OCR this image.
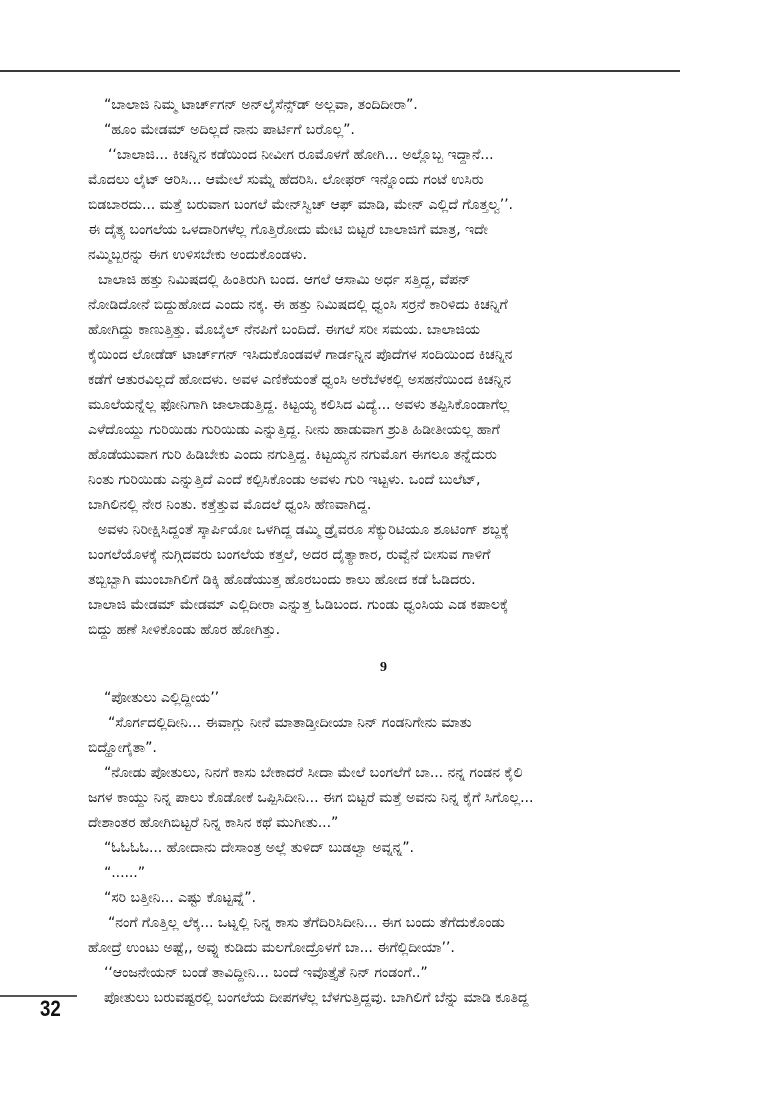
“ಬಾಲಾಜಿ ನಿಮ್ಮ ಟಾರ್ಚ್‌ಗನ್ ಅನ್‌ಲೈಸೆನ್ಸ್‌ಡ್ ಅಲ್ಲವಾ, ತಂದಿದೀರಾ”.
“ಹೂಂ ಮೇಡಮ್ ಅದಿಲ್ಲದೆ ನಾನು ಪಾರ್ಟಿಗೆ ಬರೊಲ್ಲ”.
‘‘ಬಾಲಾಜಿ... ಕಿಚನ್ನಿನ ಕಡೆಯಿಂದ ನೀವೀಗ ರೂಮೊಳಗೆ ಹೋಗಿ... ಅಲ್ಲೊಬ್ಬ ಇದ್ದಾನೆ...
ಮೊದಲು ಲೈಟ್ ಆರಿಸಿ... ಆಮೇಲೆ ಸುಮ್ನೆ ಹೆದರಿಸಿ. ಲೋಫರ್ ಇನ್ನೊಂದು ಗಂಟೆ ಉಸಿರು
ಬಿಡಬಾರದು... ಮತ್ತೆ ಬರುವಾಗ ಬಂಗಲೆ ಮೇನ್‌ಸ್ವಿಚ್ ಆಫ್ ಮಾಡಿ, ಮೇನ್ ಎಲ್ಲಿದೆ ಗೊತ್ತಲ್ವ’’.
ಈ ದೈತ್ಯ ಬಂಗಲೆಯ ಒಳದಾರಿಗಳೆಲ್ಲ ಗೊತ್ತಿರೋದು ಮೇಟಿ ಬಿಟ್ಟರೆ ಬಾಲಾಜಿಗೆ ಮಾತ್ರ, ಇದೇ
ನಮ್ಮಿಬ್ಬರನ್ನು ಈಗ ಉಳಿಸಬೇಕು ಅಂದುಕೊಂಡಳು.
ಬಾಲಾಜಿ ಹತ್ತು ನಿಮಿಷದಲ್ಲಿ ಹಿಂತಿರುಗಿ ಬಂದ. ಆಗಲೆ ಆಸಾಮಿ ಅರ್ಧ ಸತ್ತಿದ್ದ, ವೆಪನ್
ನೋಡಿದೋನೆ ಬಿದ್ದುಹೋದ ಎಂದು ನಕ್ಕ. ಈ ಹತ್ತು ನಿಮಿಷದಲ್ಲಿ ಧ್ವಂಸಿ ಸರ್ರನೆ ಕಾರಿಳಿದು ಕಿಚನ್ನಿಗೆ
ಹೋಗಿದ್ದು ಕಾಣುತ್ತಿತ್ತು. ಮೊಬೈಲ್ ನೆನಪಿಗೆ ಬಂದಿದೆ. ಈಗಲೆ ಸರೀ ಸಮಯ. ಬಾಲಾಜಿಯ
ಕೈಯಿಂದ ಲೋಡೆಡ್ ಟಾರ್ಚ್‌ಗನ್ ಇಸಿದುಕೊಂಡವಳೆ ಗಾರ್ಡನ್ನಿನ ಪೊದೆಗಳ ಸಂದಿಯಿಂದ ಕಿಚನ್ನಿನ
ಕಡೆಗೆ ಆತುರವಿಲ್ಲದೆ ಹೋದಳು. ಅವಳ ಎಣಿಕೆಯಂತೆ ಧ್ವಂಸಿ ಅರೆಬೆಳಕಲ್ಲಿ ಅಸಹನೆಯಿಂದ ಕಿಚನ್ನಿನ
ಮೂಲೆಯನ್ನೆಲ್ಲ ಫೋನಿಗಾಗಿ ಜಾಲಾಡುತ್ತಿದ್ದ. ಕಿಟ್ಟಯ್ಯ ಕಲಿಸಿದ ವಿದ್ಯೆ... ಅವಳು ತಪ್ಪಿಸಿಕೊಂಡಾಗೆಲ್ಲ
ಎಳೆದೊಯ್ದು ಗುರಿಯಿಡು ಗುರಿಯಿಡು ಎನ್ನುತ್ತಿದ್ದ. ನೀನು ಹಾಡುವಾಗ ಶ್ರುತಿ ಹಿಡೀತೀಯಲ್ಲ ಹಾಗೆ
ಹೊಡೆಯುವಾಗ ಗುರಿ ಹಿಡಿಬೇಕು ಎಂದು ನಗುತ್ತಿದ್ದ. ಕಿಟ್ಟಯ್ಯನ ನಗುಮೊಗ ಈಗಲೂ ತನ್ನೆದುರು
ನಿಂತು ಗುರಿಯಿಡು ಎನ್ನುತ್ತಿದೆ ಎಂದೆ ಕಲ್ಪಿಸಿಕೊಂಡು ಅವಳು ಗುರಿ ಇಟ್ಟಳು. ಒಂದೆ ಬುಲೆಟ್,
ಬಾಗಿಲಿನಲ್ಲಿ ನೇರ ನಿಂತು. ಕತ್ತೆತ್ತುವ ಮೊದಲೆ ಧ್ವಂಸಿ ಹೆಣವಾಗಿದ್ದ.
ಅವಳು ನಿರೀಕ್ಷಿಸಿದ್ದಂತೆ ಸ್ಕಾರ್ಪಿಯೋ ಒಳಗಿದ್ದ ಡಮ್ಮಿ ಡ್ರೈವರೂ ಸೆಕ್ಯುರಿಟಿಯೂ ಶೂಟಿಂಗ್ ಶಬ್ದಕ್ಕೆ
ಬಂಗಲೆಯೊಳಕ್ಕೆ ನುಗ್ಗಿದವರು ಬಂಗಲೆಯ ಕತ್ತಲೆ, ಅದರ ದೈತ್ಯಾಕಾರ, ರುವ್ವೆನೆ ಬೀಸುವ ಗಾಳಿಗೆ
ತಬ್ಬಿಬ್ಬಾಗಿ ಮುಂಬಾಗಿಲಿಗೆ ಡಿಕ್ಕಿ ಹೊಡೆಯುತ್ತ ಹೊರಬಂದು ಕಾಲು ಹೋದ ಕಡೆ ಓಡಿದರು.
ಬಾಲಾಜಿ ಮೇಡಮ್ ಮೇಡಮ್ ಎಲ್ಲಿದೀರಾ ಎನ್ನುತ್ತ ಓಡಿಬಂದ. ಗುಂಡು ಧ್ವಂಸಿಯ ಎಡ ಕಪಾಲಕ್ಕೆ
ಬಿದ್ದು ಹಣೆ ಸೀಳಿಕೊಂಡು ಹೊರ ಹೋಗಿತ್ತು.
9
“ಪೋತುಲು ಎಲ್ಲಿದ್ದೀಯ’’
“ಸೊರ್ಗದಲ್ಲಿದೀನಿ... ಈವಾಗ್ಲು ನೀನೆ ಮಾತಾಡ್ತೀದೀಯಾ ನಿನ್ ಗಂಡನಿಗೇನು ಮಾತು
ಬಿದ್ಹೋಗೈತಾ”.
“ನೋಡು ಪೋತುಲು, ನಿನಗೆ ಕಾಸು ಬೇಕಾದರೆ ಸೀದಾ ಮೇಲೆ ಬಂಗಲೆಗೆ ಬಾ... ನನ್ನ ಗಂಡನ ಕೈಲಿ
ಜಗಳ ಕಾಯ್ದು ನಿನ್ನ ಪಾಲು ಕೊಡೋಕೆ ಒಪ್ಪಿಸಿದೀನಿ... ಈಗ ಬಿಟ್ಟರೆ ಮತ್ತೆ ಅವನು ನಿನ್ನ ಕೈಗೆ ಸಿಗೊಲ್ಲ...
ದೇಶಾಂತರ ಹೋಗಿಬಿಟ್ಟರೆ ನಿನ್ನ ಕಾಸಿನ ಕಥೆ ಮುಗೀತು...”
“ಓಓಓಓ... ಹೋದಾನು ದೇಸಾಂತ್ರ ಅಲ್ಲೆ ತುಳಿದ್ ಬುಡಲ್ವಾ ಅವ್ನನ್ನ”.
“......”
“ಸರಿ ಬತ್ತೀನಿ... ಎಷ್ಟು ಕೊಟ್ಟವ್ನೆ”.
“ನಂಗೆ ಗೊತ್ತಿಲ್ಲ ಲೆಕ್ಕ... ಒಟ್ನಲ್ಲಿ ನಿನ್ನ ಕಾಸು ತೆಗೆದಿರಿಸಿದೀನಿ... ಈಗ ಬಂದು ತೆಗೆದುಕೊಂಡು
ಹೋದ್ರೆ ಉಂಟು ಅಷ್ಟೆ,, ಅವ್ನು ಕುಡಿದು ಮಲಗೋದ್ರೊಳಗೆ ಬಾ... ಈಗೆಲ್ಲಿದೀಯಾ’’.
‘‘ಆಂಜನೇಯನ್ ಬಂಡೆ ತಾವಿದ್ದೀನಿ... ಬಂದೆ ಇವೊತ್ತೈತೆ ನಿನ್ ಗಂಡಂಗೆ..”
ಪೋತುಲು ಬರುವಷ್ಟರಲ್ಲಿ ಬಂಗಲೆಯ ದೀಪಗಳೆಲ್ಲ ಬೆಳಗುತ್ತಿದ್ದವು. ಬಾಗಿಲಿಗೆ ಬೆನ್ನು ಮಾಡಿ ಕೂತಿದ್ದ
32
